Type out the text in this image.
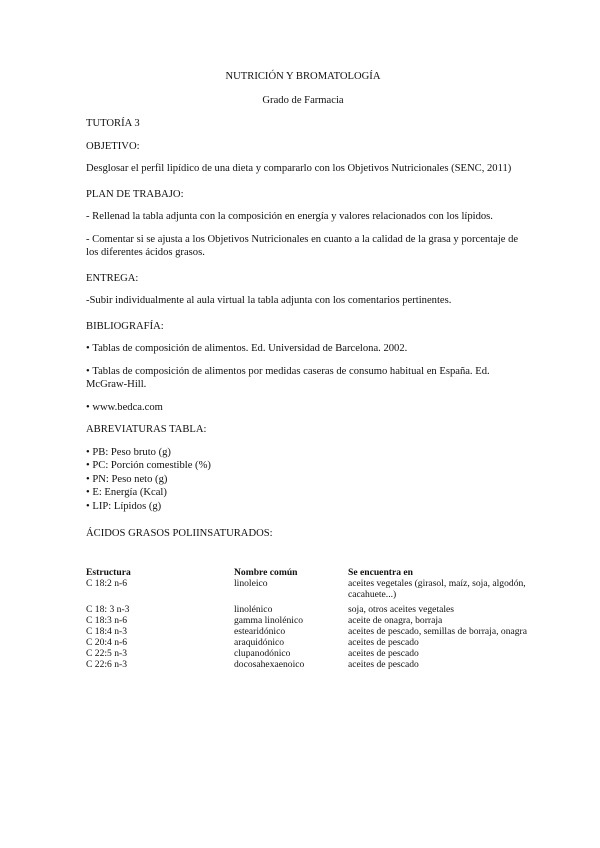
NUTRICIÓN Y BROMATOLOGÍA

Grado de Farmacia

TUTORÍA 3

OBJETIVO:

Desglosar el perfil lipídico de una dieta y compararlo con los Objetivos Nutricionales (SENC, 2011)

PLAN DE TRABAJO:

- Rellenad la tabla adjunta con la composición en energía y valores relacionados con los lípidos.

- Comentar si se ajusta a los Objetivos Nutricionales en cuanto a la calidad de la grasa y porcentaje de los diferentes ácidos grasos.

ENTREGA:

-Subir individualmente al aula virtual la tabla adjunta con los comentarios pertinentes.

BIBLIOGRAFÍA:

• Tablas de composición de alimentos. Ed. Universidad de Barcelona. 2002.
• Tablas de composición de alimentos por medidas caseras de consumo habitual en España. Ed. McGraw-Hill.
• www.bedca.com

ABREVIATURAS TABLA:

• PB: Peso bruto (g)
• PC: Porción comestible (%)
• PN: Peso neto (g)
• E: Energía (Kcal)
• LIP: Lípidos (g)

ÁCIDOS GRASOS POLIINSATURADOS:

Estructura	Nombre común	Se encuentra en
C 18:2 n-6	linoleico	aceites vegetales (girasol, maíz, soja, algodón, cacahuete...)

C 18: 3 n-3	linolénico	soja, otros aceites vegetales
C 18:3 n-6	gamma linolénico	aceite de onagra, borraja
C 18:4 n-3	estearidónico	aceites de pescado, semillas de borraja, onagra
C 20:4 n-6	araquidónico	aceites de pescado
C 22:5 n-3	clupanodónico	aceites de pescado
C 22:6 n-3	docosahexaenoico	aceites de pescado
